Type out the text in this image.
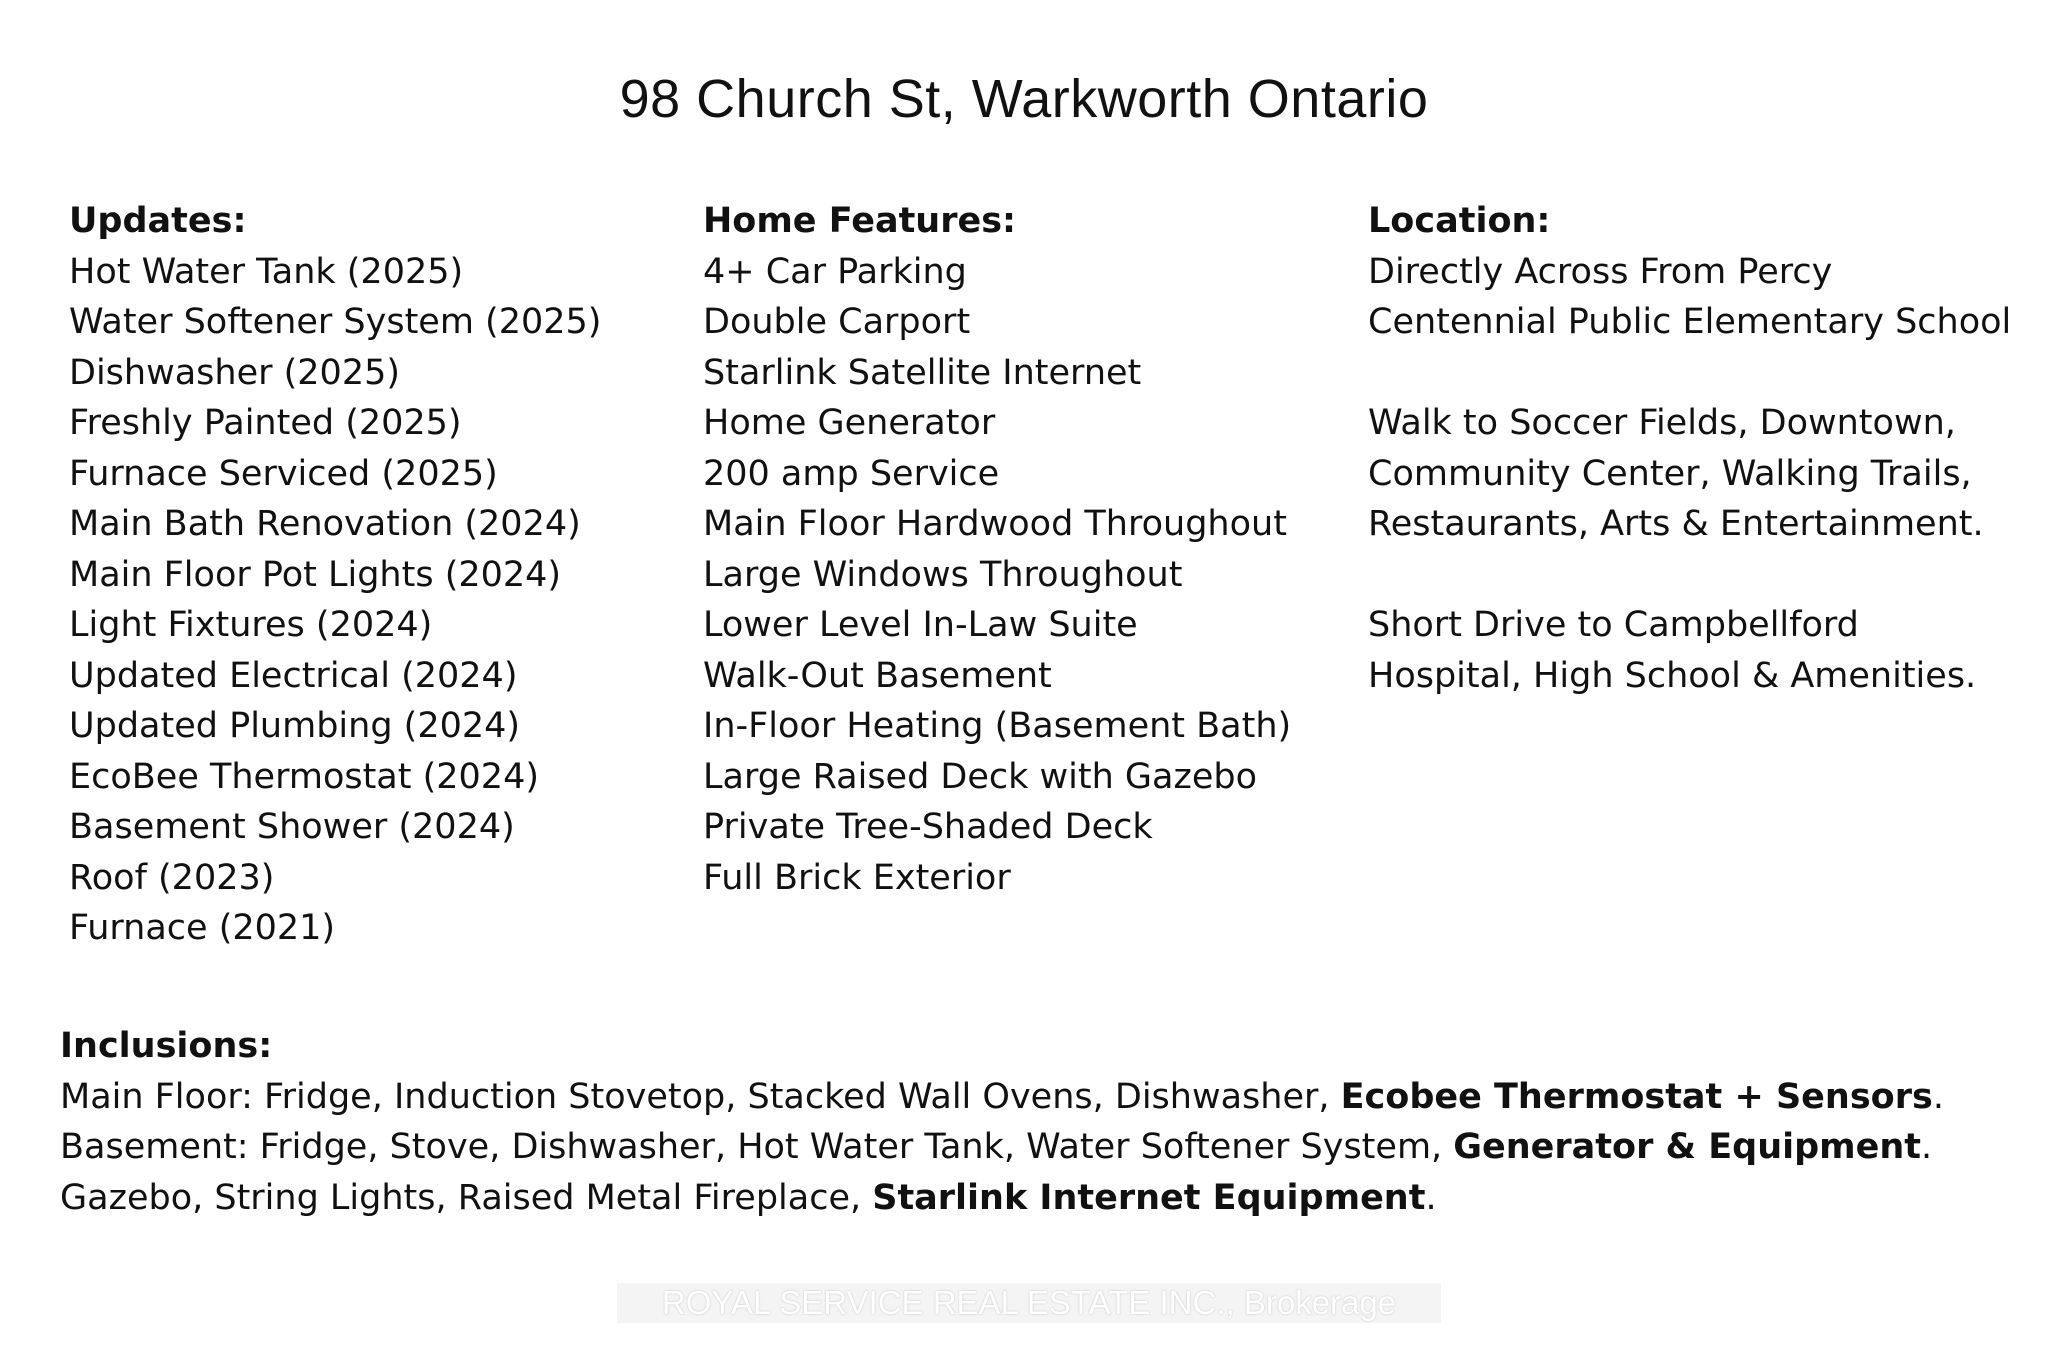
98 Church St, Warkworth Ontario
Updates:
Hot Water Tank (2025)
Water Softener System (2025)
Dishwasher (2025)
Freshly Painted (2025)
Furnace Serviced (2025)
Main Bath Renovation (2024)
Main Floor Pot Lights (2024)
Light Fixtures (2024)
Updated Electrical (2024)
Updated Plumbing (2024)
EcoBee Thermostat (2024)
Basement Shower (2024)
Roof (2023)
Furnace (2021)
Home Features:
4+ Car Parking
Double Carport
Starlink Satellite Internet
Home Generator
200 amp Service
Main Floor Hardwood Throughout
Large Windows Throughout
Lower Level In-Law Suite
Walk-Out Basement
In-Floor Heating (Basement Bath)
Large Raised Deck with Gazebo
Private Tree-Shaded Deck
Full Brick Exterior
Location:
Directly Across From Percy
Centennial Public Elementary School
Walk to Soccer Fields, Downtown,
Community Center, Walking Trails,
Restaurants, Arts & Entertainment.
Short Drive to Campbellford
Hospital, High School & Amenities.
Inclusions:
Main Floor: Fridge, Induction Stovetop, Stacked Wall Ovens, Dishwasher, Ecobee Thermostat + Sensors.
Basement: Fridge, Stove, Dishwasher, Hot Water Tank, Water Softener System, Generator & Equipment.
Gazebo, String Lights, Raised Metal Fireplace, Starlink Internet Equipment.
ROYAL SERVICE REAL ESTATE INC., Brokerage
